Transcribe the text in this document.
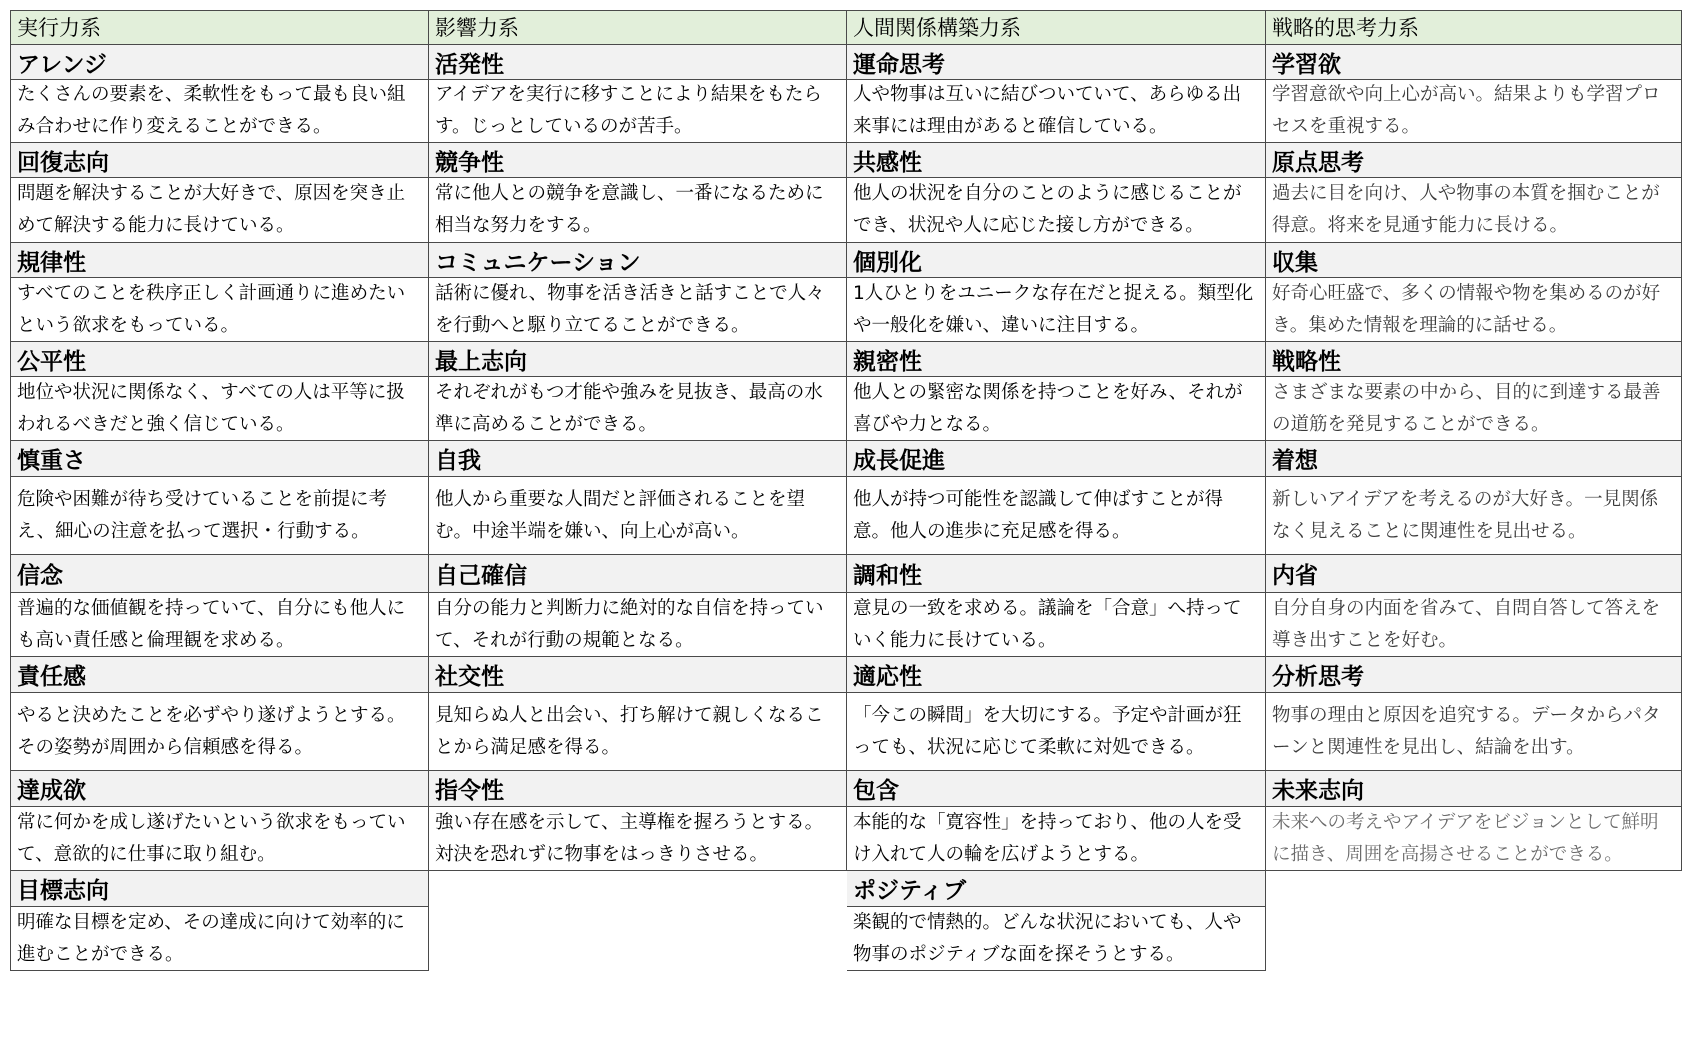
実行力系
アレンジ
たくさんの要素を、柔軟性をもって最も良い組み合わせに作り変えることができる。
回復志向
問題を解決することが大好きで、原因を突き止めて解決する能力に長けている。
規律性
すべてのことを秩序正しく計画通りに進めたいという欲求をもっている。
公平性
地位や状況に関係なく、すべての人は平等に扱われるべきだと強く信じている。
慎重さ
危険や困難が待ち受けていることを前提に考え、細心の注意を払って選択・行動する。
信念
普遍的な価値観を持っていて、自分にも他人にも高い責任感と倫理観を求める。
責任感
やると決めたことを必ずやり遂げようとする。その姿勢が周囲から信頼感を得る。
達成欲
常に何かを成し遂げたいという欲求をもっていて、意欲的に仕事に取り組む。
目標志向
明確な目標を定め、その達成に向けて効率的に進むことができる。
影響力系
活発性
アイデアを実行に移すことにより結果をもたらす。じっとしているのが苦手。
競争性
常に他人との競争を意識し、一番になるために相当な努力をする。
コミュニケーション
話術に優れ、物事を活き活きと話すことで人々を行動へと駆り立てることができる。
最上志向
それぞれがもつ才能や強みを見抜き、最高の水準に高めることができる。
自我
他人から重要な人間だと評価されることを望む。中途半端を嫌い、向上心が高い。
自己確信
自分の能力と判断力に絶対的な自信を持っていて、それが行動の規範となる。
社交性
見知らぬ人と出会い、打ち解けて親しくなることから満足感を得る。
指令性
強い存在感を示して、主導権を握ろうとする。対決を恐れずに物事をはっきりさせる。
人間関係構築力系
運命思考
人や物事は互いに結びついていて、あらゆる出来事には理由があると確信している。
共感性
他人の状況を自分のことのように感じることができ、状況や人に応じた接し方ができる。
個別化
1人ひとりをユニークな存在だと捉える。類型化や一般化を嫌い、違いに注目する。
親密性
他人との緊密な関係を持つことを好み、それが喜びや力となる。
成長促進
他人が持つ可能性を認識して伸ばすことが得意。他人の進歩に充足感を得る。
調和性
意見の一致を求める。議論を「合意」へ持っていく能力に長けている。
適応性
「今この瞬間」を大切にする。予定や計画が狂っても、状況に応じて柔軟に対処できる。
包含
本能的な「寛容性」を持っており、他の人を受け入れて人の輪を広げようとする。
ポジティブ
楽観的で情熱的。どんな状況においても、人や物事のポジティブな面を探そうとする。
戦略的思考力系
学習欲
学習意欲や向上心が高い。結果よりも学習プロセスを重視する。
原点思考
過去に目を向け、人や物事の本質を掴むことが得意。将来を見通す能力に長ける。
収集
好奇心旺盛で、多くの情報や物を集めるのが好き。集めた情報を理論的に話せる。
戦略性
さまざまな要素の中から、目的に到達する最善の道筋を発見することができる。
着想
新しいアイデアを考えるのが大好き。一見関係なく見えることに関連性を見出せる。
内省
自分自身の内面を省みて、自問自答して答えを導き出すことを好む。
分析思考
物事の理由と原因を追究する。データからパターンと関連性を見出し、結論を出す。
未来志向
未来への考えやアイデアをビジョンとして鮮明に描き、周囲を高揚させることができる。
